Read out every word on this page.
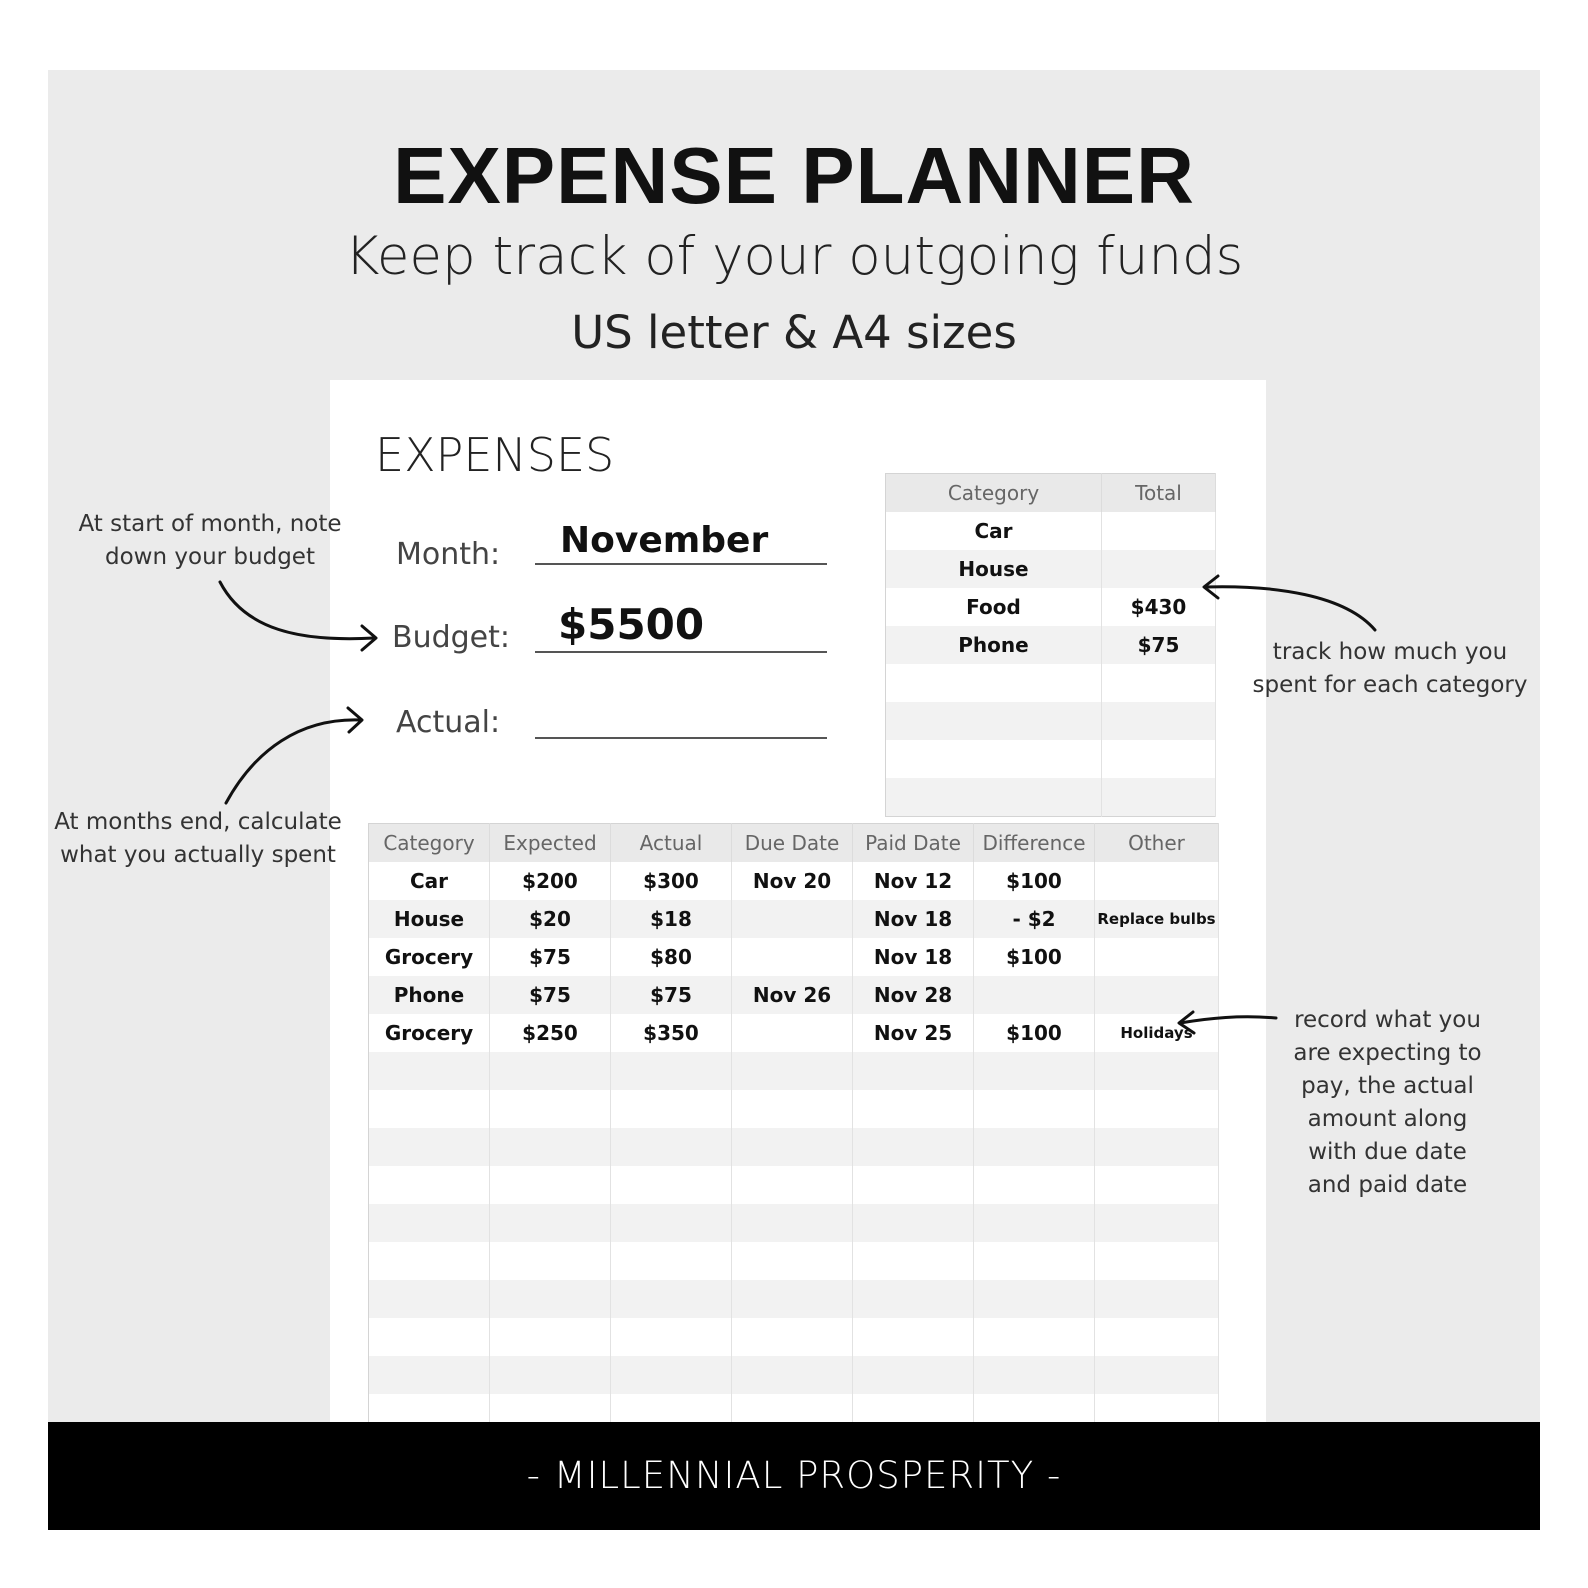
EXPENSE PLANNER
Keep track of your outgoing funds
US letter & A4 sizes
EXPENSES
Month: November
Budget: $5500
Actual:
Category	Total
Car	
House	
Food	$430
Phone	$75

Category	Expected	Actual	Due Date	Paid Date	Difference	Other
Car	$200	$300	Nov 20	Nov 12	$100	
House	$20	$18		Nov 18	- $2	Replace bulbs
Grocery	$75	$80		Nov 18	$100	
Phone	$75	$75	Nov 26	Nov 28		
Grocery	$250	$350		Nov 25	$100	Holidays

At start of month, note
down your budget
At months end, calculate
what you actually spent
track how much you
spent for each category
record what you
are expecting to
pay, the actual
amount along
with due date
and paid date
- MILLENNIAL PROSPERITY -
